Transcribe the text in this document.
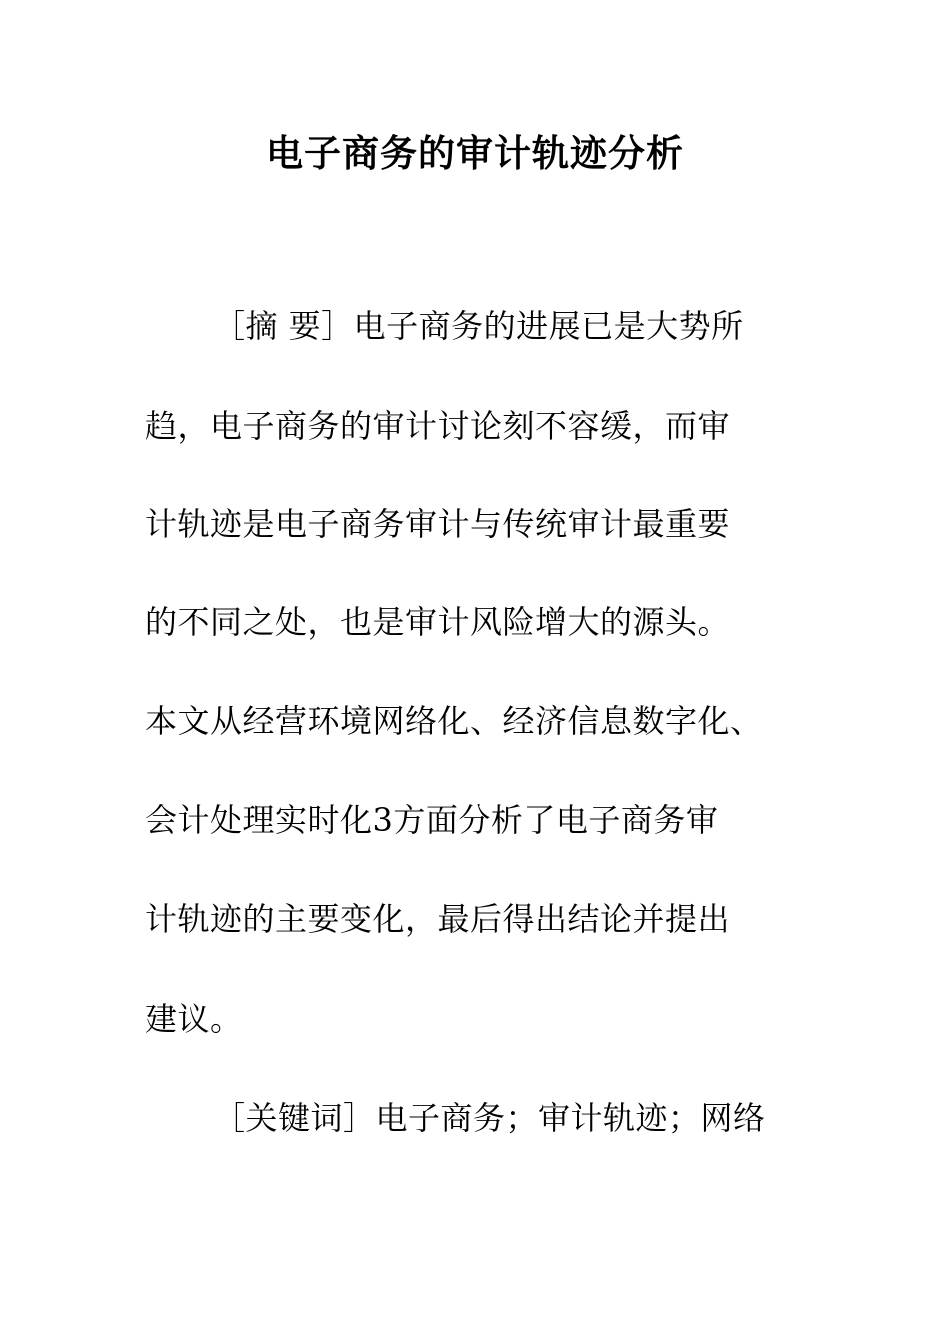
电子商务的审计轨迹分析
［摘 要］电子商务的进展已是大势所
趋，电子商务的审计讨论刻不容缓，而审
计轨迹是电子商务审计与传统审计最重要
的不同之处，也是审计风险增大的源头。
本文从经营环境网络化、经济信息数字化、
会计处理实时化3方面分析了电子商务审
计轨迹的主要变化，最后得出结论并提出
建议。
［关键词］电子商务；审计轨迹；网络
